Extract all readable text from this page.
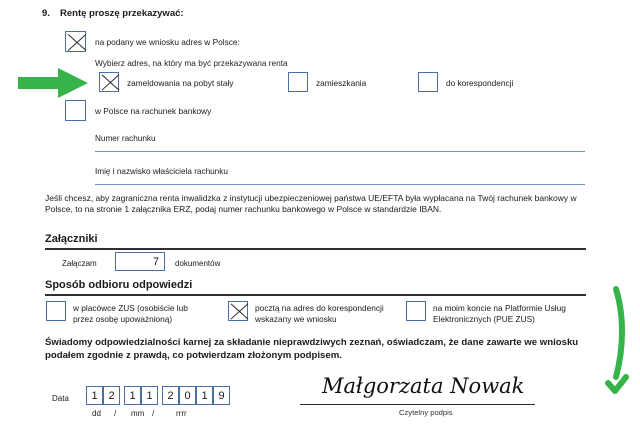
9. Rentę proszę przekazywać:
na podany we wniosku adres w Polsce:
Wybierz adres, na który ma być przekazywana renta
zameldowania na pobyt stały	zamieszkania	do korespondencji
w Polsce na rachunek bankowy
Numer rachunku
Imię i nazwisko właściciela rachunku
Jeśli chcesz, aby zagraniczna renta inwalidzka z instytucji ubezpieczeniowej państwa UE/EFTA była wypłacana na Twój rachunek bankowy w Polsce, to na stronie 1 załącznika ERZ, podaj numer rachunku bankowego w Polsce w standardzie IBAN.
Załączniki
Załączam	7	dokumentów
Sposób odbioru odpowiedzi
w placówce ZUS (osobiście lub
przez osobę upoważnioną)
pocztą na adres do korespondencji
wskazany we wniosku
na moim koncie na Platformie Usług
Elektronicznych (PUE ZUS)
Świadomy odpowiedzialności karnej za składanie nieprawdziwych zeznań, oświadczam, że dane zawarte we wniosku podałem zgodnie z prawdą, co potwierdzam złożonym podpisem.
Data	1 2	1 1	2 0 1 9
dd / mm /	rrrr
Małgorzata Nowak
Czytelny podpis
